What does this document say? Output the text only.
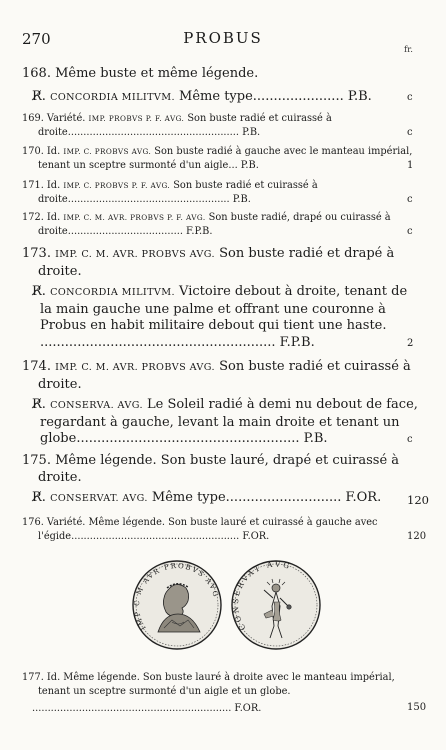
270	PROBUS
fr.
168. Même buste et même légende.
R̸. CONCORDIA MILITVM. Même type...................... P.B.	c
169. Variété. IMP. PROBVS P. F. AVG. Son buste radié et cuirassé à droite....................................................... P.B.	c
170. Id. IMP. C. PROBVS AVG. Son buste radié à gauche avec le manteau impérial, tenant un sceptre surmonté d'un aigle... P.B.	1
171. Id. IMP. C. PROBVS P. F. AVG. Son buste radié et cuirassé à droite.................................................... P.B.	c
172. Id. IMP. C. M. AVR. PROBVS P. F. AVG. Son buste radié, drapé ou cuirassé à droite..................................... F.P.B.	c
173. IMP. C. M. AVR. PROBVS AVG. Son buste radié et drapé à droite.
R̸. CONCORDIA MILITVM. Victoire debout à droite, tenant de la main gauche une palme et offrant une couronne à Probus en habit militaire debout qui tient une haste. ......................................................... F.P.B.	2
174. IMP. C. M. AVR. PROBVS AVG. Son buste radié et cuirassé à droite.
R̸. CONSERVA. AVG. Le Soleil radié à demi nu debout de face, regardant à gauche, levant la main droite et tenant un globe...................................................... P.B.	c
175. Même légende. Son buste lauré, drapé et cuirassé à droite.
R̸. CONSERVAT. AVG. Même type............................ F.OR.	120
176. Variété. Même légende. Son buste lauré et cuirassé à gauche avec l'égide...................................................... F.OR.	120
IMP C M AVR PROBVS AVG
CONSERVAT AVG
177. Id. Même légende. Son buste lauré à droite avec le manteau impérial, tenant un sceptre surmonté d'un aigle et un globe.
................................................................ F.OR.	150
